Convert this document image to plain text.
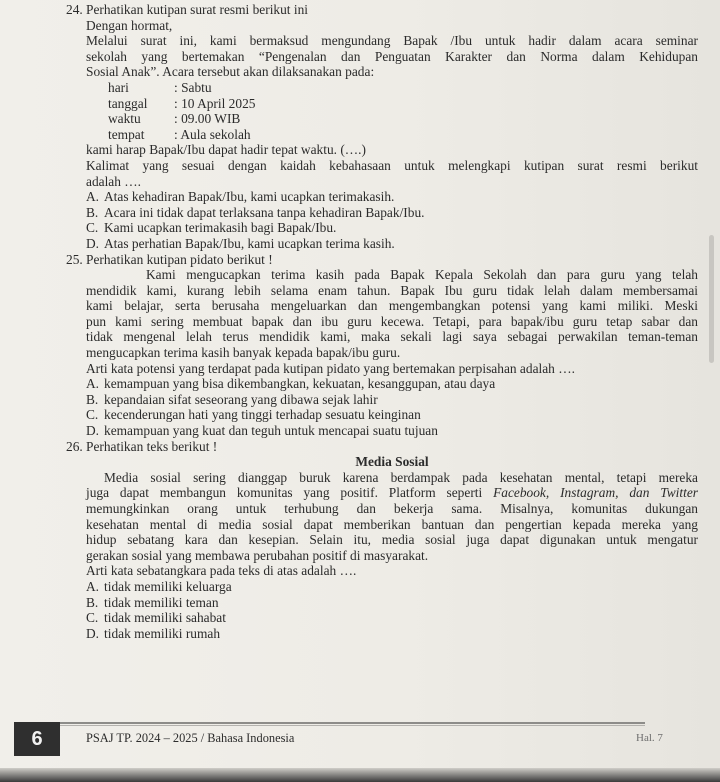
24. Perhatikan kutipan surat resmi berikut ini
Dengan hormat,
Melalui surat ini, kami bermaksud mengundang Bapak /Ibu untuk hadir dalam acara seminar
sekolah yang bertemakan “Pengenalan dan Penguatan Karakter dan Norma dalam Kehidupan
Sosial Anak”. Acara tersebut akan dilaksanakan pada:
hari	: Sabtu
tanggal	: 10 April 2025
waktu	: 09.00 WIB
tempat	: Aula sekolah
kami harap Bapak/Ibu dapat hadir tepat waktu. (….)
Kalimat yang sesuai dengan kaidah kebahasaan untuk melengkapi kutipan surat resmi berikut
adalah ….
A. Atas kehadiran Bapak/Ibu, kami ucapkan terimakasih.
B. Acara ini tidak dapat terlaksana tanpa kehadiran Bapak/Ibu.
C. Kami ucapkan terimakasih bagi Bapak/Ibu.
D. Atas perhatian Bapak/Ibu, kami ucapkan terima kasih.
25. Perhatikan kutipan pidato berikut !
Kami mengucapkan terima kasih pada Bapak Kepala Sekolah dan para guru yang telah
mendidik kami, kurang lebih selama enam tahun. Bapak Ibu guru tidak lelah dalam membersamai
kami belajar, serta berusaha mengeluarkan dan mengembangkan potensi yang kami miliki. Meski
pun kami sering membuat bapak dan ibu guru kecewa. Tetapi, para bapak/ibu guru tetap sabar dan
tidak mengenal lelah terus mendidik kami, maka sekali lagi saya sebagai perwakilan teman-teman
mengucapkan terima kasih banyak kepada bapak/ibu guru.
Arti kata potensi yang terdapat pada kutipan pidato yang bertemakan perpisahan adalah ….
A. kemampuan yang bisa dikembangkan, kekuatan, kesanggupan, atau daya
B. kepandaian sifat seseorang yang dibawa sejak lahir
C. kecenderungan hati yang tinggi terhadap sesuatu keinginan
D. kemampuan yang kuat dan teguh untuk mencapai suatu tujuan
26. Perhatikan teks berikut !
Media Sosial
Media sosial sering dianggap buruk karena berdampak pada kesehatan mental, tetapi mereka
juga dapat membangun komunitas yang positif. Platform seperti Facebook, Instagram, dan Twitter
memungkinkan orang untuk terhubung dan bekerja sama. Misalnya, komunitas dukungan
kesehatan mental di media sosial dapat memberikan bantuan dan pengertian kepada mereka yang
hidup sebatang kara dan kesepian. Selain itu, media sosial juga dapat digunakan untuk mengatur
gerakan sosial yang membawa perubahan positif di masyarakat.
Arti kata sebatangkara pada teks di atas adalah ….
A. tidak memiliki keluarga
B. tidak memiliki teman
C. tidak memiliki sahabat
D. tidak memiliki rumah
6	PSAJ TP. 2024 – 2025 / Bahasa Indonesia	Hal. 7
